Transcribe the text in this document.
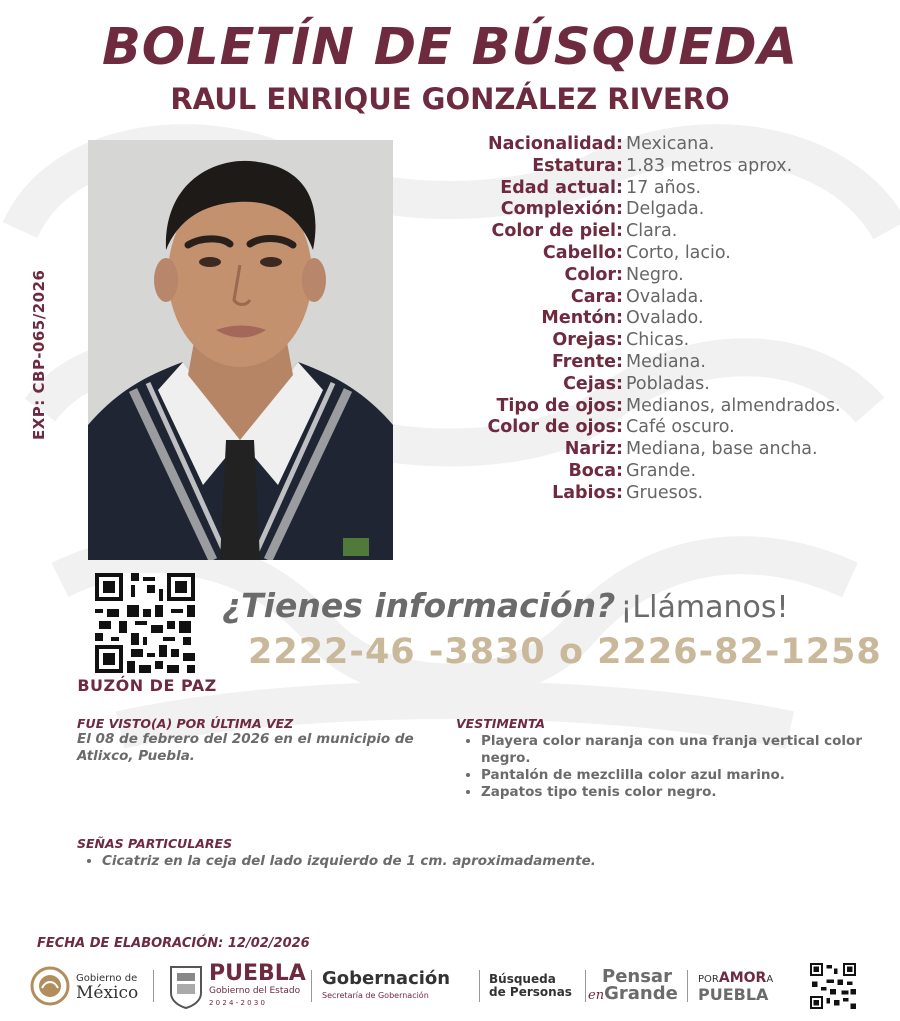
BOLETÍN DE BÚSQUEDA
RAUL ENRIQUE GONZÁLEZ RIVERO
EXP: CBP-065/2026
Nacionalidad: Mexicana.
Estatura: 1.83 metros aprox.
Edad actual: 17 años.
Complexión: Delgada.
Color de piel: Clara.
Cabello: Corto, lacio.
Color: Negro.
Cara: Ovalada.
Mentón: Ovalado.
Orejas: Chicas.
Frente: Mediana.
Cejas: Pobladas.
Tipo de ojos: Medianos, almendrados.
Color de ojos: Café oscuro.
Nariz: Mediana, base ancha.
Boca: Grande.
Labios: Gruesos.
BUZÓN DE PAZ
¿Tienes información? ¡Llámanos!
2222-46 -3830 o 2226-82-1258
FUE VISTO(A) POR ÚLTIMA VEZ
El 08 de febrero del 2026 en el municipio de Atlixco, Puebla.
VESTIMENTA
• Playera color naranja con una franja vertical color negro.
• Pantalón de mezclilla color azul marino.
• Zapatos tipo tenis color negro.
SEÑAS PARTICULARES
• Cicatriz en la ceja del lado izquierdo de 1 cm. aproximadamente.
FECHA DE ELABORACIÓN: 12/02/2026
Gobierno de
México
PUEBLA
Gobierno del Estado
2 0 2 4 - 2 0 3 0
Gobernación
Secretaría de Gobernación
Búsqueda
de Personas
Pensar
enGrande
PORAMORA
PUEBLA
